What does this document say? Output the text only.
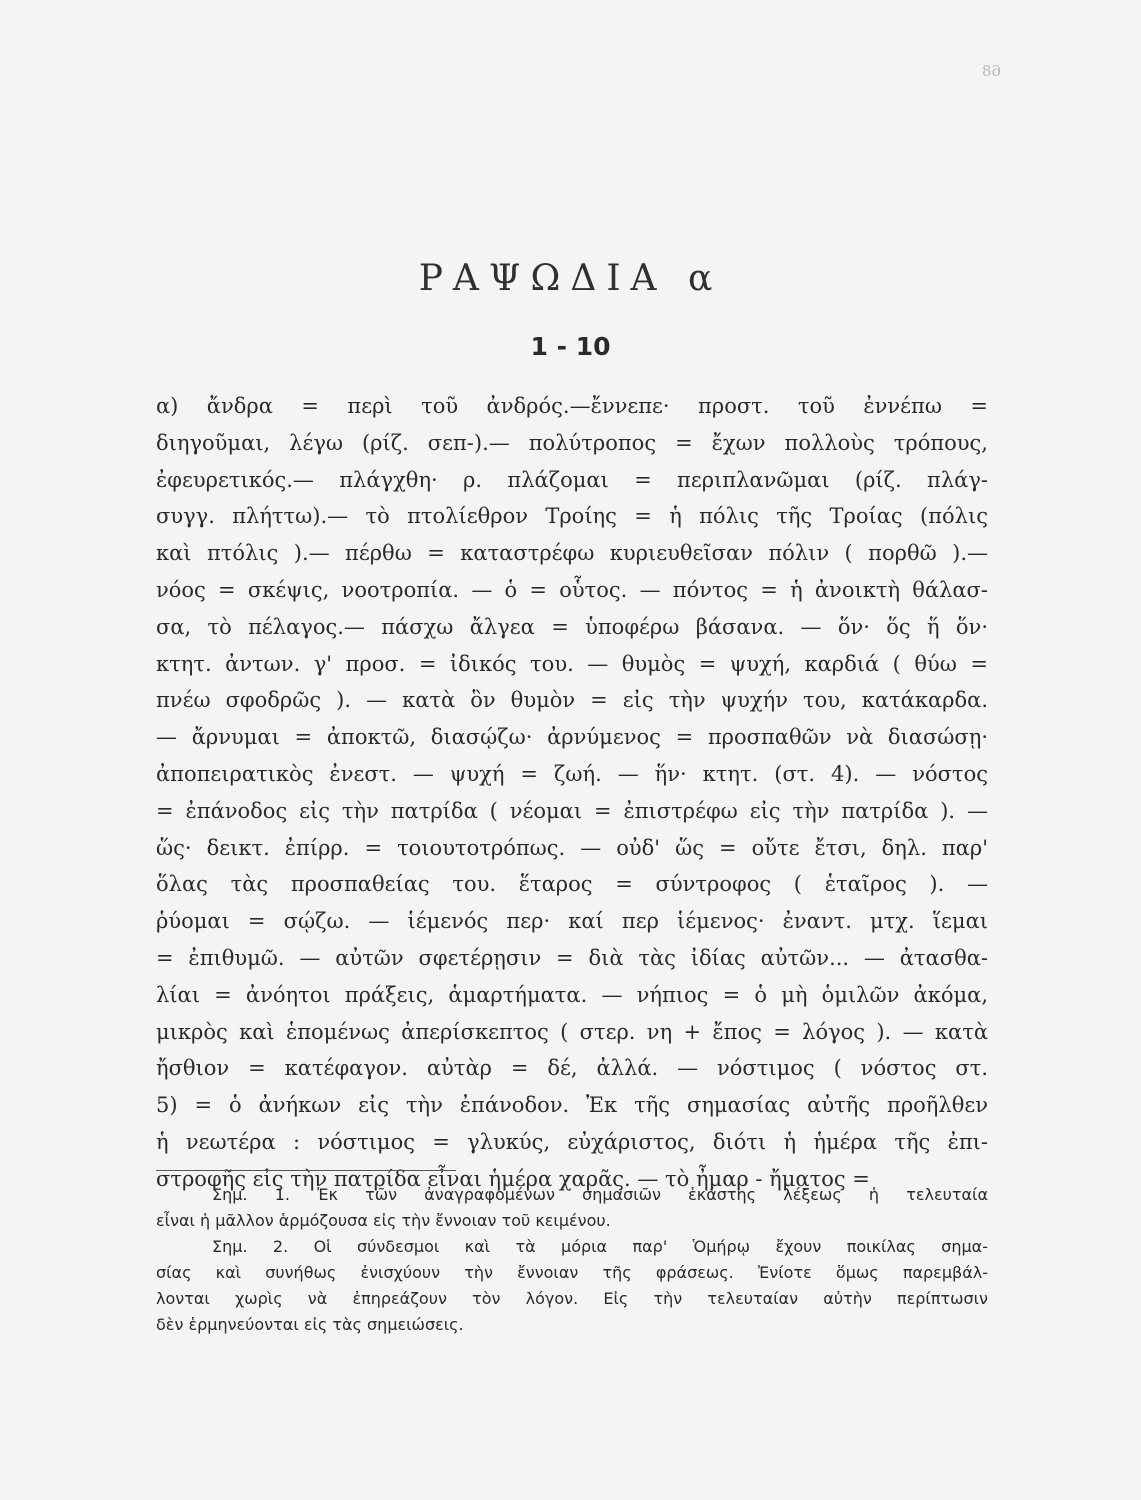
68
ΡΑΨΩΔΙΑ α
1 - 10
α) ἄνδρα = περὶ τοῦ ἀνδρός.—ἔννεπε· προστ. τοῦ ἐννέπω =
διηγοῦμαι, λέγω (ρίζ. σεπ-).— πολύτροπος = ἔχων πολλοὺς τρόπους,
ἐφευρετικός.— πλάγχθη· ρ. πλάζομαι = περιπλανῶμαι (ρίζ. πλάγ-
συγγ. πλήττω).— τὸ πτολίεθρον Τροίης = ἡ πόλις τῆς Τροίας (πόλις
καὶ πτόλις ).— πέρθω = καταστρέφω κυριευθεῖσαν πόλιν ( πορθῶ ).—
νόος = σκέψις, νοοτροπία. — ὁ = οὗτος. — πόντος = ἡ ἀνοικτὴ θάλασ-
σα, τὸ πέλαγος.— πάσχω ἄλγεα = ὑποφέρω βάσανα. — ὅν· ὅς ἥ ὅν·
κτητ. ἀντων. γ' προσ. = ἰδικός του. — θυμὸς = ψυχή, καρδιά ( θύω =
πνέω σφοδρῶς ). — κατὰ ὃν θυμὸν = εἰς τὴν ψυχήν του, κατάκαρδα.
— ἄρνυμαι = ἀποκτῶ, διασῴζω· ἀρνύμενος = προσπαθῶν νὰ διασώσῃ·
ἀποπειρατικὸς ἐνεστ. — ψυχή = ζωή. — ἥν· κτητ. (στ. 4). — νόστος
= ἐπάνοδος εἰς τὴν πατρίδα ( νέομαι = ἐπιστρέφω εἰς τὴν πατρίδα ). —
ὥς· δεικτ. ἐπίρρ. = τοιουτοτρόπως. — οὐδ' ὥς = οὔτε ἔτσι, δηλ. παρ'
ὅλας τὰς προσπαθείας του. ἕταρος = σύντροφος ( ἑταῖρος ). —
ῥύομαι = σῴζω. — ἱέμενός περ· καί περ ἱέμενος· ἐναντ. μτχ. ἵεμαι
= ἐπιθυμῶ. — αὐτῶν σφετέρῃσιν = διὰ τὰς ἰδίας αὐτῶν... — ἀτασθα-
λίαι = ἀνόητοι πράξεις, ἁμαρτήματα. — νήπιος = ὁ μὴ ὁμιλῶν ἀκόμα,
μικρὸς καὶ ἑπομένως ἀπερίσκεπτος ( στερ. νη + ἔπος = λόγος ). — κατὰ
ἤσθιον = κατέφαγον. αὐτὰρ = δέ, ἀλλά. — νόστιμος ( νόστος στ.
5) = ὁ ἀνήκων εἰς τὴν ἐπάνοδον. Ἐκ τῆς σημασίας αὐτῆς προῆλθεν
ἡ νεωτέρα : νόστιμος = γλυκύς, εὐχάριστος, διότι ἡ ἡμέρα τῆς ἐπι-
στροφῆς εἰς τὴν πατρίδα εἶναι ἡμέρα χαρᾶς. — τὸ ἦμαρ - ἤματος =
Σημ. 1. Ἐκ τῶν ἀναγραφομένων σημασιῶν ἑκάστης λέξεως ἡ τελευταία
εἶναι ἡ μᾶλλον ἁρμόζουσα εἰς τὴν ἔννοιαν τοῦ κειμένου.
Σημ. 2. Οἱ σύνδεσμοι καὶ τὰ μόρια παρ' Ὁμήρῳ ἔχουν ποικίλας σημα-
σίας καὶ συνήθως ἐνισχύουν τὴν ἔννοιαν τῆς φράσεως. Ἐνίοτε ὅμως παρεμβάλ-
λονται χωρὶς νὰ ἐπηρεάζουν τὸν λόγον. Εἰς τὴν τελευταίαν αὐτὴν περίπτωσιν
δὲν ἑρμηνεύονται εἰς τὰς σημειώσεις.
